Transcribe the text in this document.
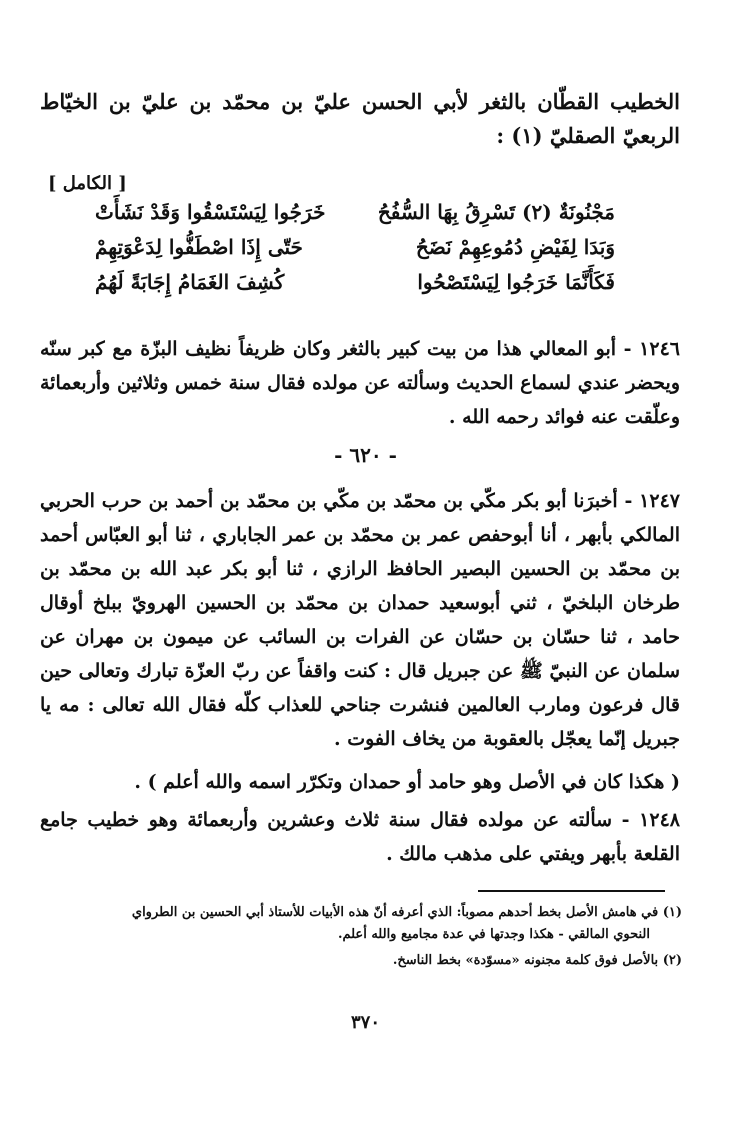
الخطيب القطّان بالثغر لأبي الحسن عليّ بن محمّد بن عليّ بن الخيّاط الربعيّ الصقليّ (١) :
[ الكامل ]
خَرَجُوا لِيَسْتَسْقُوا وَقَدْ نَشَأَتْ	مَجْنُونَةٌ (٢) تَسْرِقُ بِهَا السُّفُحُ
حَتّى إِذَا اصْطَفُّوا لِدَعْوَتِهِمْ	وَبَدَا لِفَيْضِ دُمُوعِهِمْ نَضَحُ
كُشِفَ الغَمَامُ إِجَابَةً لَهُمُ	فَكَأَنَّمَا خَرَجُوا لِيَسْتَصْحُوا
١٢٤٦ - أبو المعالي هذا من بيت كبير بالثغر وكان ظريفاً نظيف البزّة مع كبر سنّه ويحضر عندي لسماع الحديث وسألته عن مولده فقال سنة خمس وثلاثين وأربعمائة وعلّقت عنه فوائد رحمه الله .
- ٦٢٠ -
١٢٤٧ - أخبرَنا أبو بكر مكّي بن محمّد بن مكّي بن محمّد بن أحمد بن حرب الحربي المالكي بأبهر ، أنا أبوحفص عمر بن محمّد بن عمر الجاباري ، ثنا أبو العبّاس أحمد بن محمّد بن الحسين البصير الحافظ الرازي ، ثنا أبو بكر عبد الله بن محمّد بن طرخان البلخيّ ، ثني أبوسعيد حمدان بن محمّد بن الحسين الهرويّ ببلخ أوقال حامد ، ثنا حسّان بن حسّان عن الفرات بن السائب عن ميمون بن مهران عن سلمان عن النبيّ ﷺ عن جبريل قال : كنت واقفاً عن ربّ العزّة تبارك وتعالى حين قال فرعون ومارب العالمين فنشرت جناحي للعذاب كلّه فقال الله تعالى : مه يا جبريل إنّما يعجّل بالعقوبة من يخاف الفوت .
( هكذا كان في الأصل وهو حامد أو حمدان وتكرّر اسمه والله أعلم ) .
١٢٤٨ - سألته عن مولده فقال سنة ثلاث وعشرين وأربعمائة وهو خطيب جامع القلعة بأبهر ويفتي على مذهب مالك .
(١) في هامش الأصل بخط أحدهم مصوباً: الذي أعرفه أنّ هذه الأبيات للأستاذ أبي الحسين بن الطرواي
النحوي المالقي - هكذا وجدتها في عدة مجاميع والله أعلم.
(٢) بالأصل فوق كلمة مجنونه «مسوّدة» بخط الناسخ.
٣٧٠
